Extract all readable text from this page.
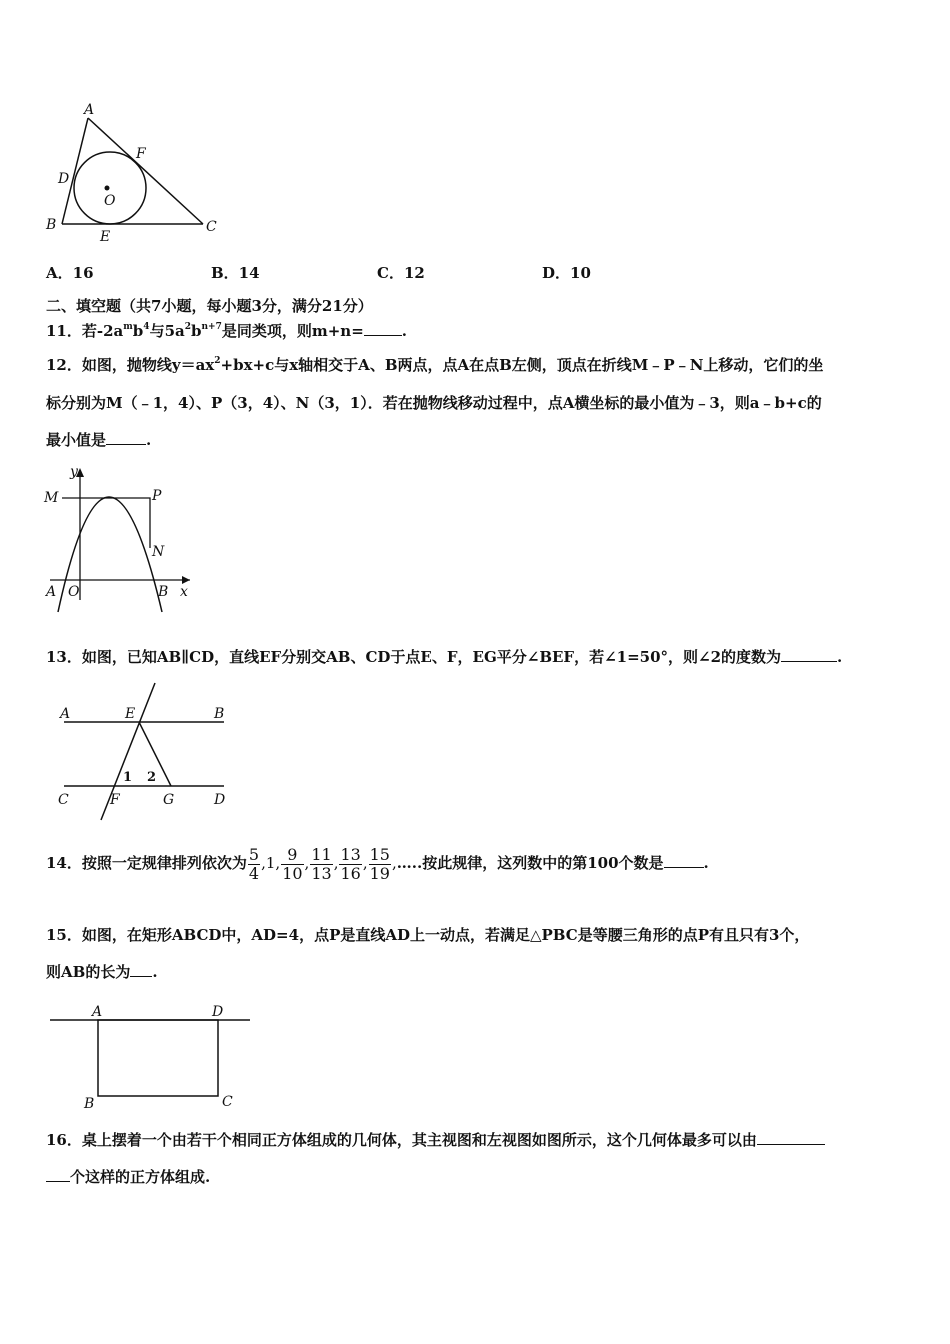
A
B	C
D
E
F
O
A．16	B．14	C．12	D．10
二、填空题（共7小题，每小题3分，满分21分）
11．若$-2a^mb^4$与$5a^2b^{n+7}$是同类项，则m+n=	.
12．如图，抛物线$y=ax^2+bx+c$与x轴相交于A、B两点，点A在点B左侧，顶点在折线M﹣P﹣N上移动，它们的坐
标分别为M（﹣1，4）、P（3，4）、N（3，1）．若在抛物线移动过程中，点A横坐标的最小值为﹣3，则a﹣b+c的
最小值是	.
y
x
M	P
N
A O	B
13．如图，已知AB∥CD，直线EF分别交AB、CD于点E、F，EG平分∠BEF，若∠1=50°，则∠2的度数为	.
A	B
C	D
E
F	G
1 2
14．按照一定规律排列依次为 $\frac{5}{4} ,1$, $\frac{9}{10}$ , $\frac{11}{13}$ , $\frac{13}{16}$ , $\frac{15}{19}$ ,…..按此规律，这列数中的第100个数是	.
15．如图，在矩形ABCD中，AD=4，点P是直线AD上一动点，若满足△PBC是等腰三角形的点P有且只有3个，
则AB的长为 .
A	D
B	C
16．桌上摆着一个由若干个相同正方体组成的几何体，其主视图和左视图如图所示，这个几何体最多可以由
个这样的正方体组成.
